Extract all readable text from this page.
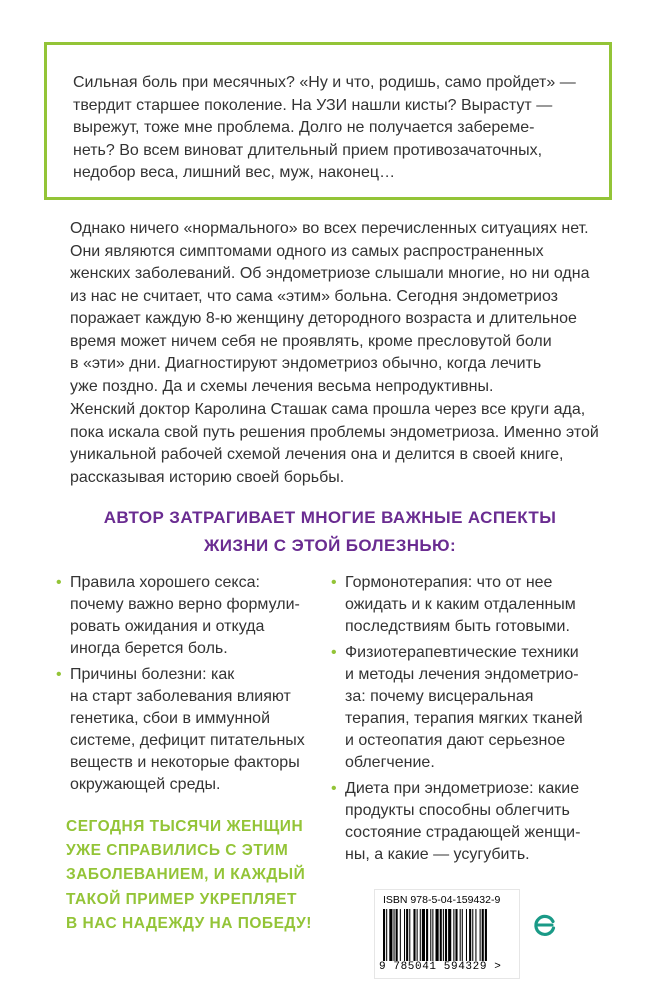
Сильная боль при месячных? «Ну и что, родишь, само пройдет» —
твердит старшее поколение. На УЗИ нашли кисты? Вырастут —
вырежут, тоже мне проблема. Долго не получается забереме-
неть? Во всем виноват длительный прием противозачаточных,
недобор веса, лишний вес, муж, наконец…

Однако ничего «нормального» во всех перечисленных ситуациях нет.
Они являются симптомами одного из самых распространенных
женских заболеваний. Об эндометриозе слышали многие, но ни одна
из нас не считает, что сама «этим» больна. Сегодня эндометриоз
поражает каждую 8-ю женщину детородного возраста и длительное
время может ничем себя не проявлять, кроме пресловутой боли
в «эти» дни. Диагностируют эндометриоз обычно, когда лечить
уже поздно. Да и схемы лечения весьма непродуктивны.

Женский доктор Каролина Сташак сама прошла через все круги ада,
пока искала свой путь решения проблемы эндометриоза. Именно этой
уникальной рабочей схемой лечения она и делится в своей книге,
рассказывая историю своей борьбы.

АВТОР ЗАТРАГИВАЕТ МНОГИЕ ВАЖНЫЕ АСПЕКТЫ
ЖИЗНИ С ЭТОЙ БОЛЕЗНЬЮ:
• Правила хорошего секса:
почему важно верно формули-
ровать ожидания и откуда
иногда берется боль.
• Причины болезни: как
на старт заболевания влияют
генетика, сбои в иммунной
системе, дефицит питательных
веществ и некоторые факторы
окружающей среды.
• Гормонотерапия: что от нее
ожидать и к каким отдаленным
последствиям быть готовыми.
• Физиотерапевтические техники
и методы лечения эндометрио-
за: почему висцеральная
терапия, терапия мягких тканей
и остеопатия дают серьезное
облегчение.
• Диета при эндометриозе: какие
продукты способны облегчить
состояние страдающей женщи-
ны, а какие — усугубить.

СЕГОДНЯ ТЫСЯЧИ ЖЕНЩИН
УЖЕ СПРАВИЛИСЬ С ЭТИМ
ЗАБОЛЕВАНИЕМ, И КАЖДЫЙ
ТАКОЙ ПРИМЕР УКРЕПЛЯЕТ
В НАС НАДЕЖДУ НА ПОБЕДУ!

ISBN 978-5-04-159432-9
9 785041 594329 >
